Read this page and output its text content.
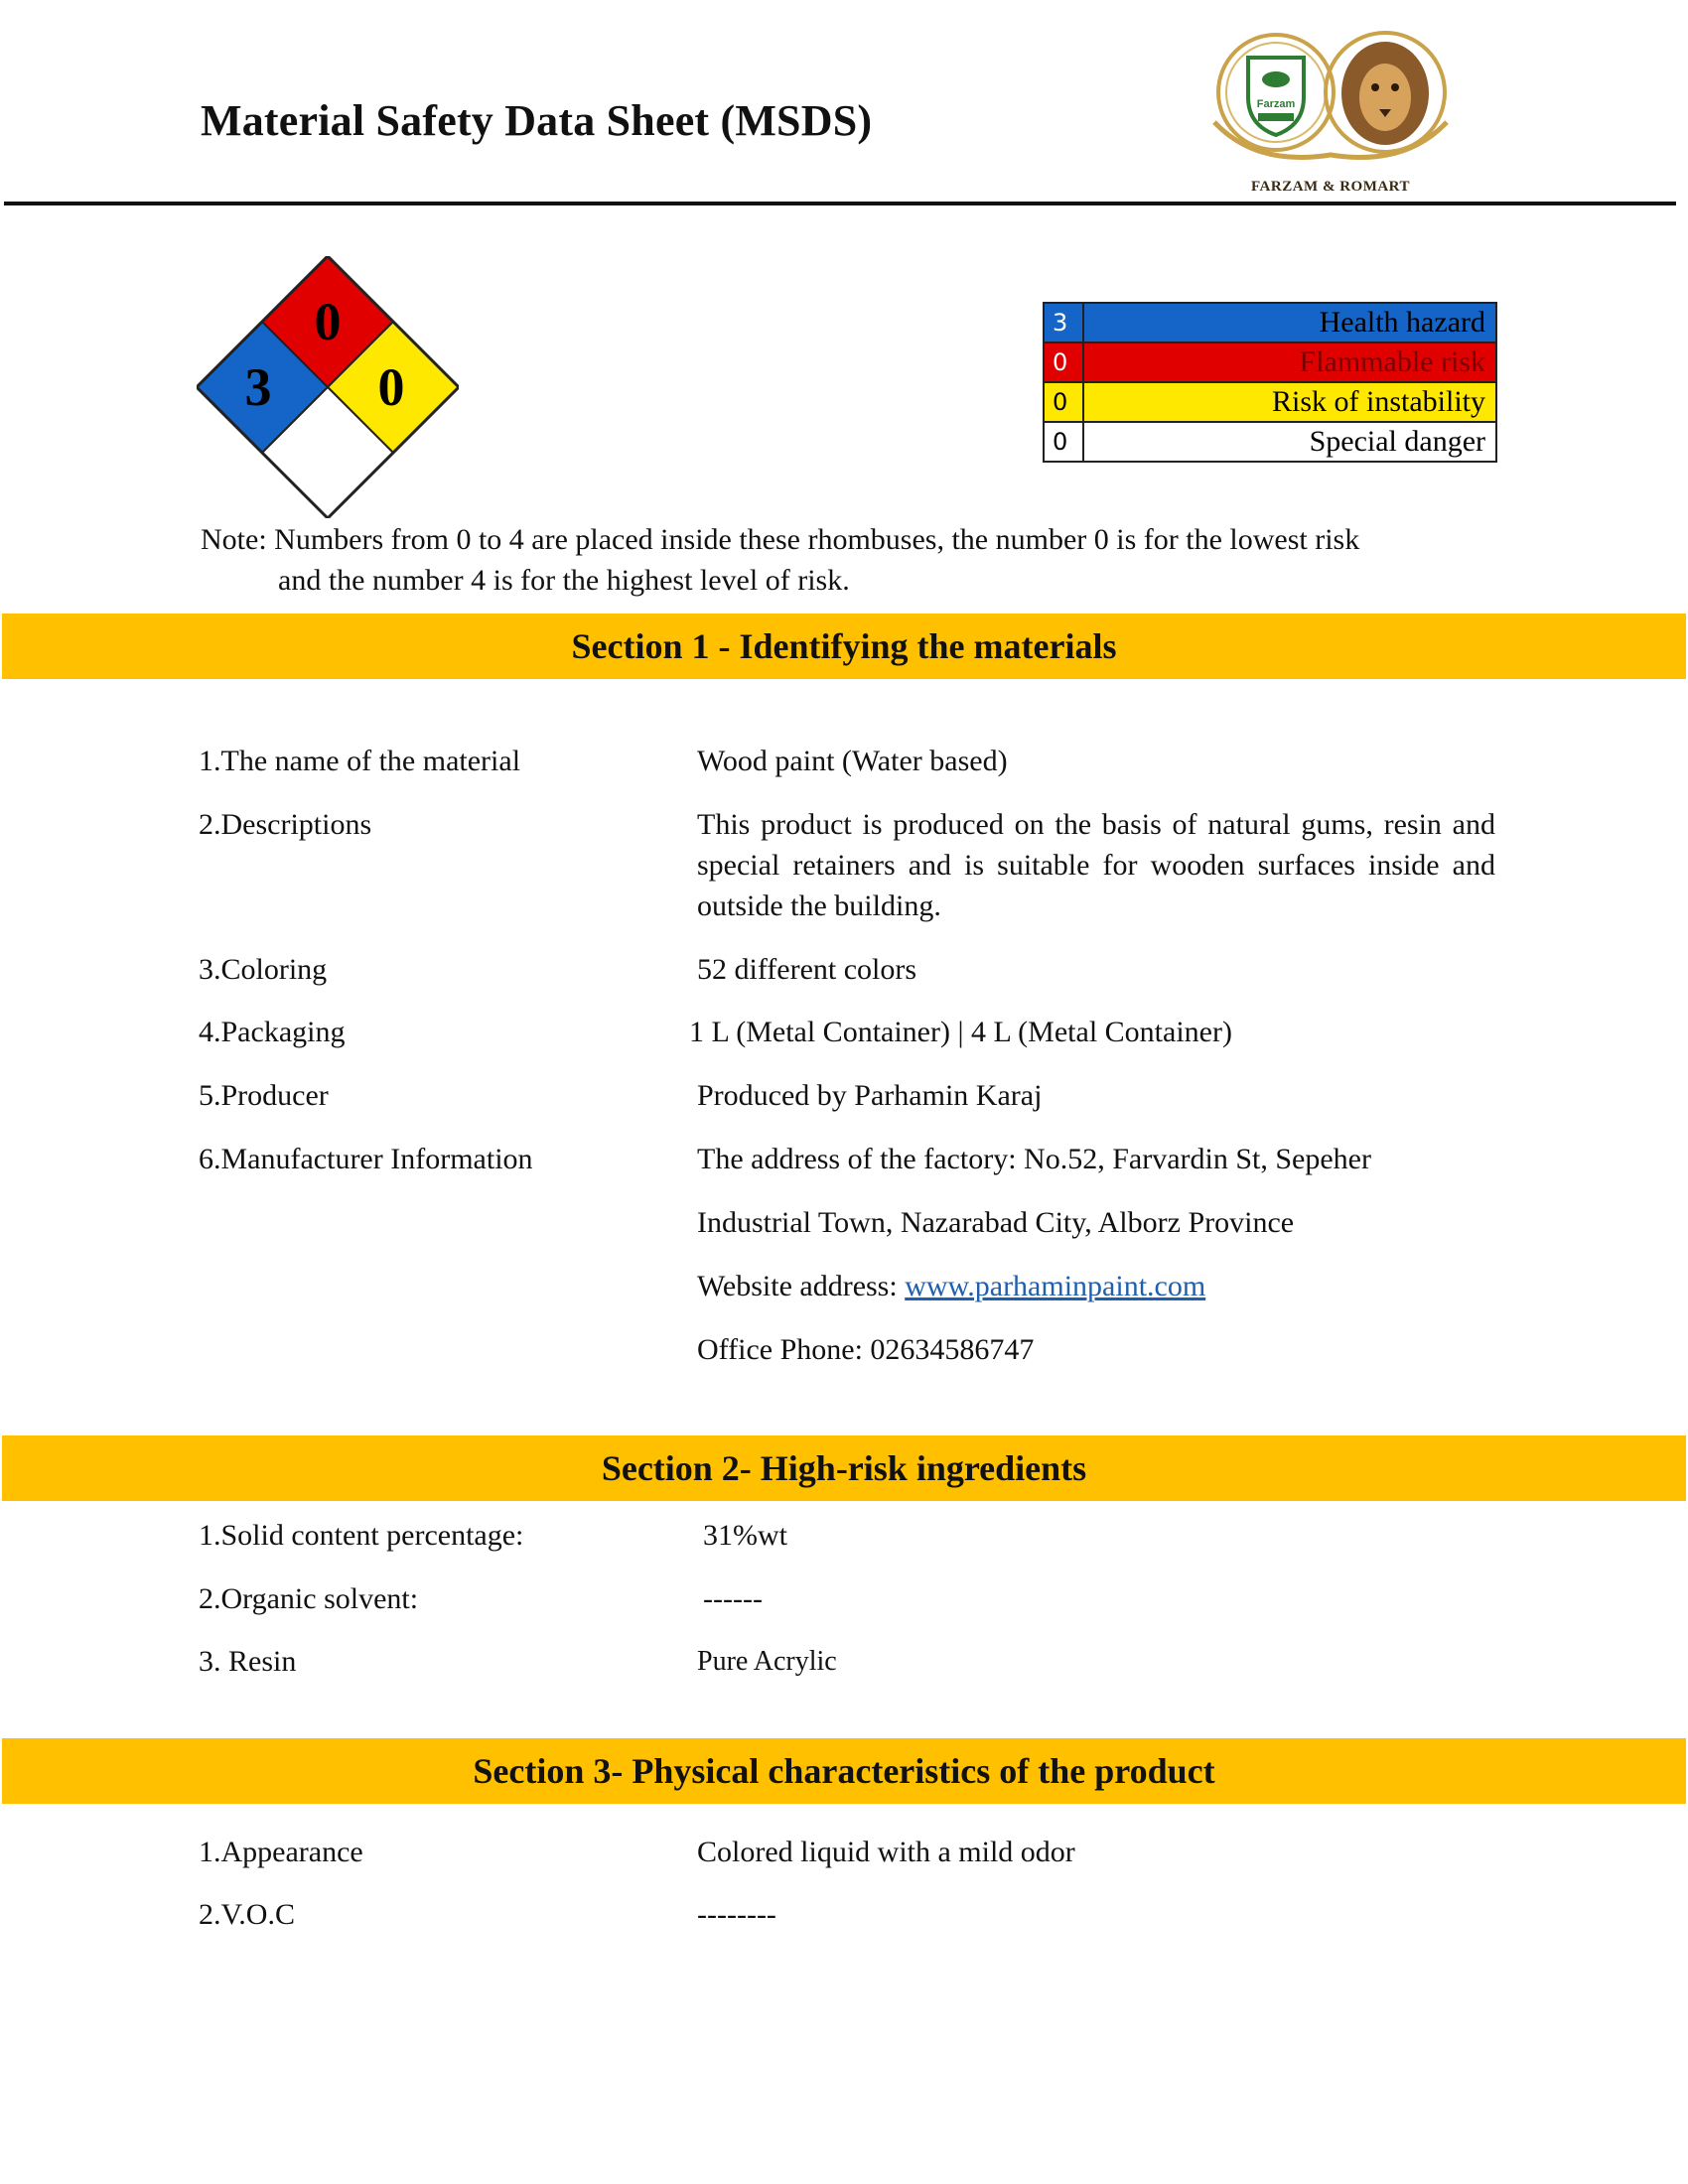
Material Safety Data Sheet (MSDS)	Farzam
FARZAM & ROMART
0
3 0
3	Health hazard
0	Flammable risk
0	Risk of instability
0	Special danger
Note: Numbers from 0 to 4 are placed inside these rhombuses, the number 0 is for the lowest risk
and the number 4 is for the highest level of risk.
Section 1 - Identifying the materials
1.The name of the material	Wood paint (Water based)
2.Descriptions	This product is produced on the basis of natural gums, resin and special retainers and is suitable for wooden surfaces inside and outside the building.
3.Coloring	52 different colors
4.Packaging	1 L (Metal Container) | 4 L (Metal Container)
5.Producer	Produced by Parhamin Karaj
6.Manufacturer Information	The address of the factory: No.52, Farvardin St, Sepeher
Industrial Town, Nazarabad City, Alborz Province
Website address: www.parhaminpaint.com
Office Phone: 02634586747
Section 2- High-risk ingredients
1.Solid content percentage:	31%wt
2.Organic solvent:	------
3. Resin	Pure Acrylic
Section 3- Physical characteristics of the product
1.Appearance	Colored liquid with a mild odor
2.V.O.C	--------
